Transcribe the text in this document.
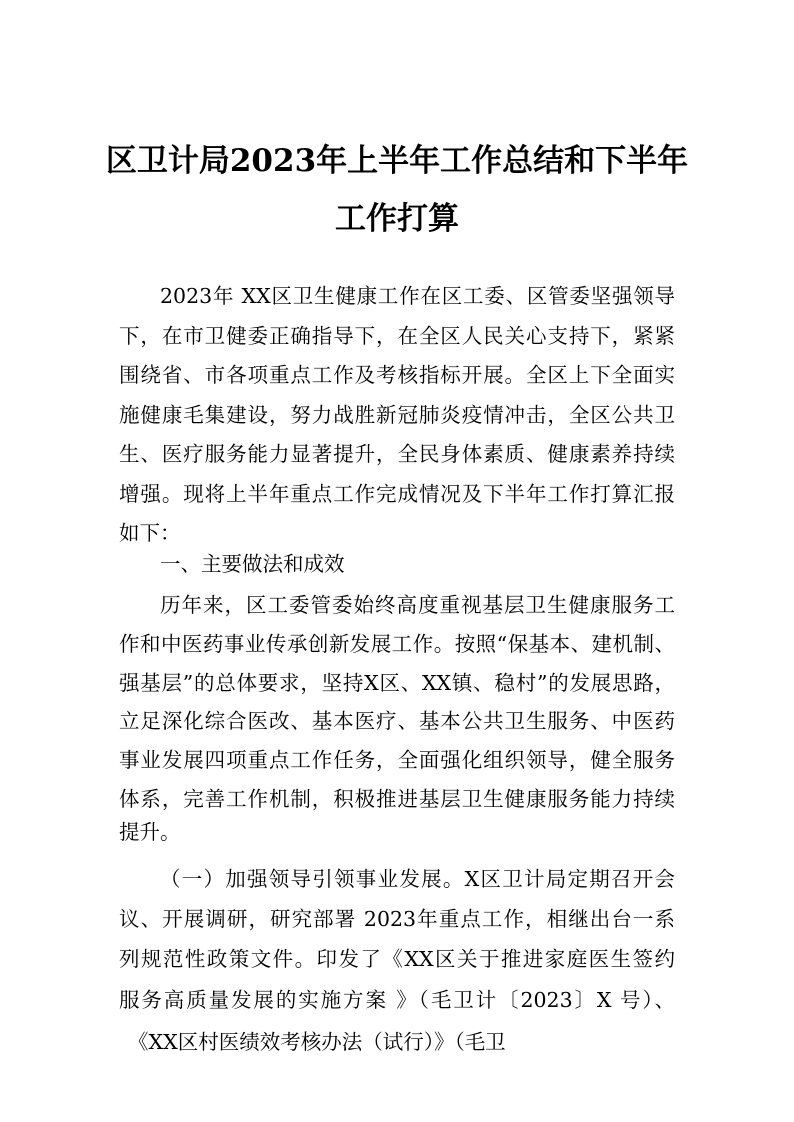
区卫计局2023年上半年工作总结和下半年
工作打算
2023年 XX区卫生健康工作在区工委、区管委坚强领导
下，在市卫健委正确指导下，在全区人民关心支持下，紧紧
围绕省、市各项重点工作及考核指标开展。全区上下全面实
施健康毛集建设，努力战胜新冠肺炎疫情冲击，全区公共卫
生、医疗服务能力显著提升，全民身体素质、健康素养持续
增强。现将上半年重点工作完成情况及下半年工作打算汇报
如下：
一、主要做法和成效
历年来，区工委管委始终高度重视基层卫生健康服务工
作和中医药事业传承创新发展工作。按照“保基本、建机制、
强基层”的总体要求，坚持X区、XX镇、稳村”的发展思路，
立足深化综合医改、基本医疗、基本公共卫生服务、中医药
事业发展四项重点工作任务，全面强化组织领导，健全服务
体系，完善工作机制，积极推进基层卫生健康服务能力持续
提升。
（一）加强领导引领事业发展。X区卫计局定期召开会
议、开展调研，研究部署 2023年重点工作，相继出台一系
列规范性政策文件。印发了《XX区关于推进家庭医生签约
服务高质量发展的实施方案 》（毛卫计〔2023〕X 号）、
《XX区村医绩效考核办法（试行）》（毛卫
